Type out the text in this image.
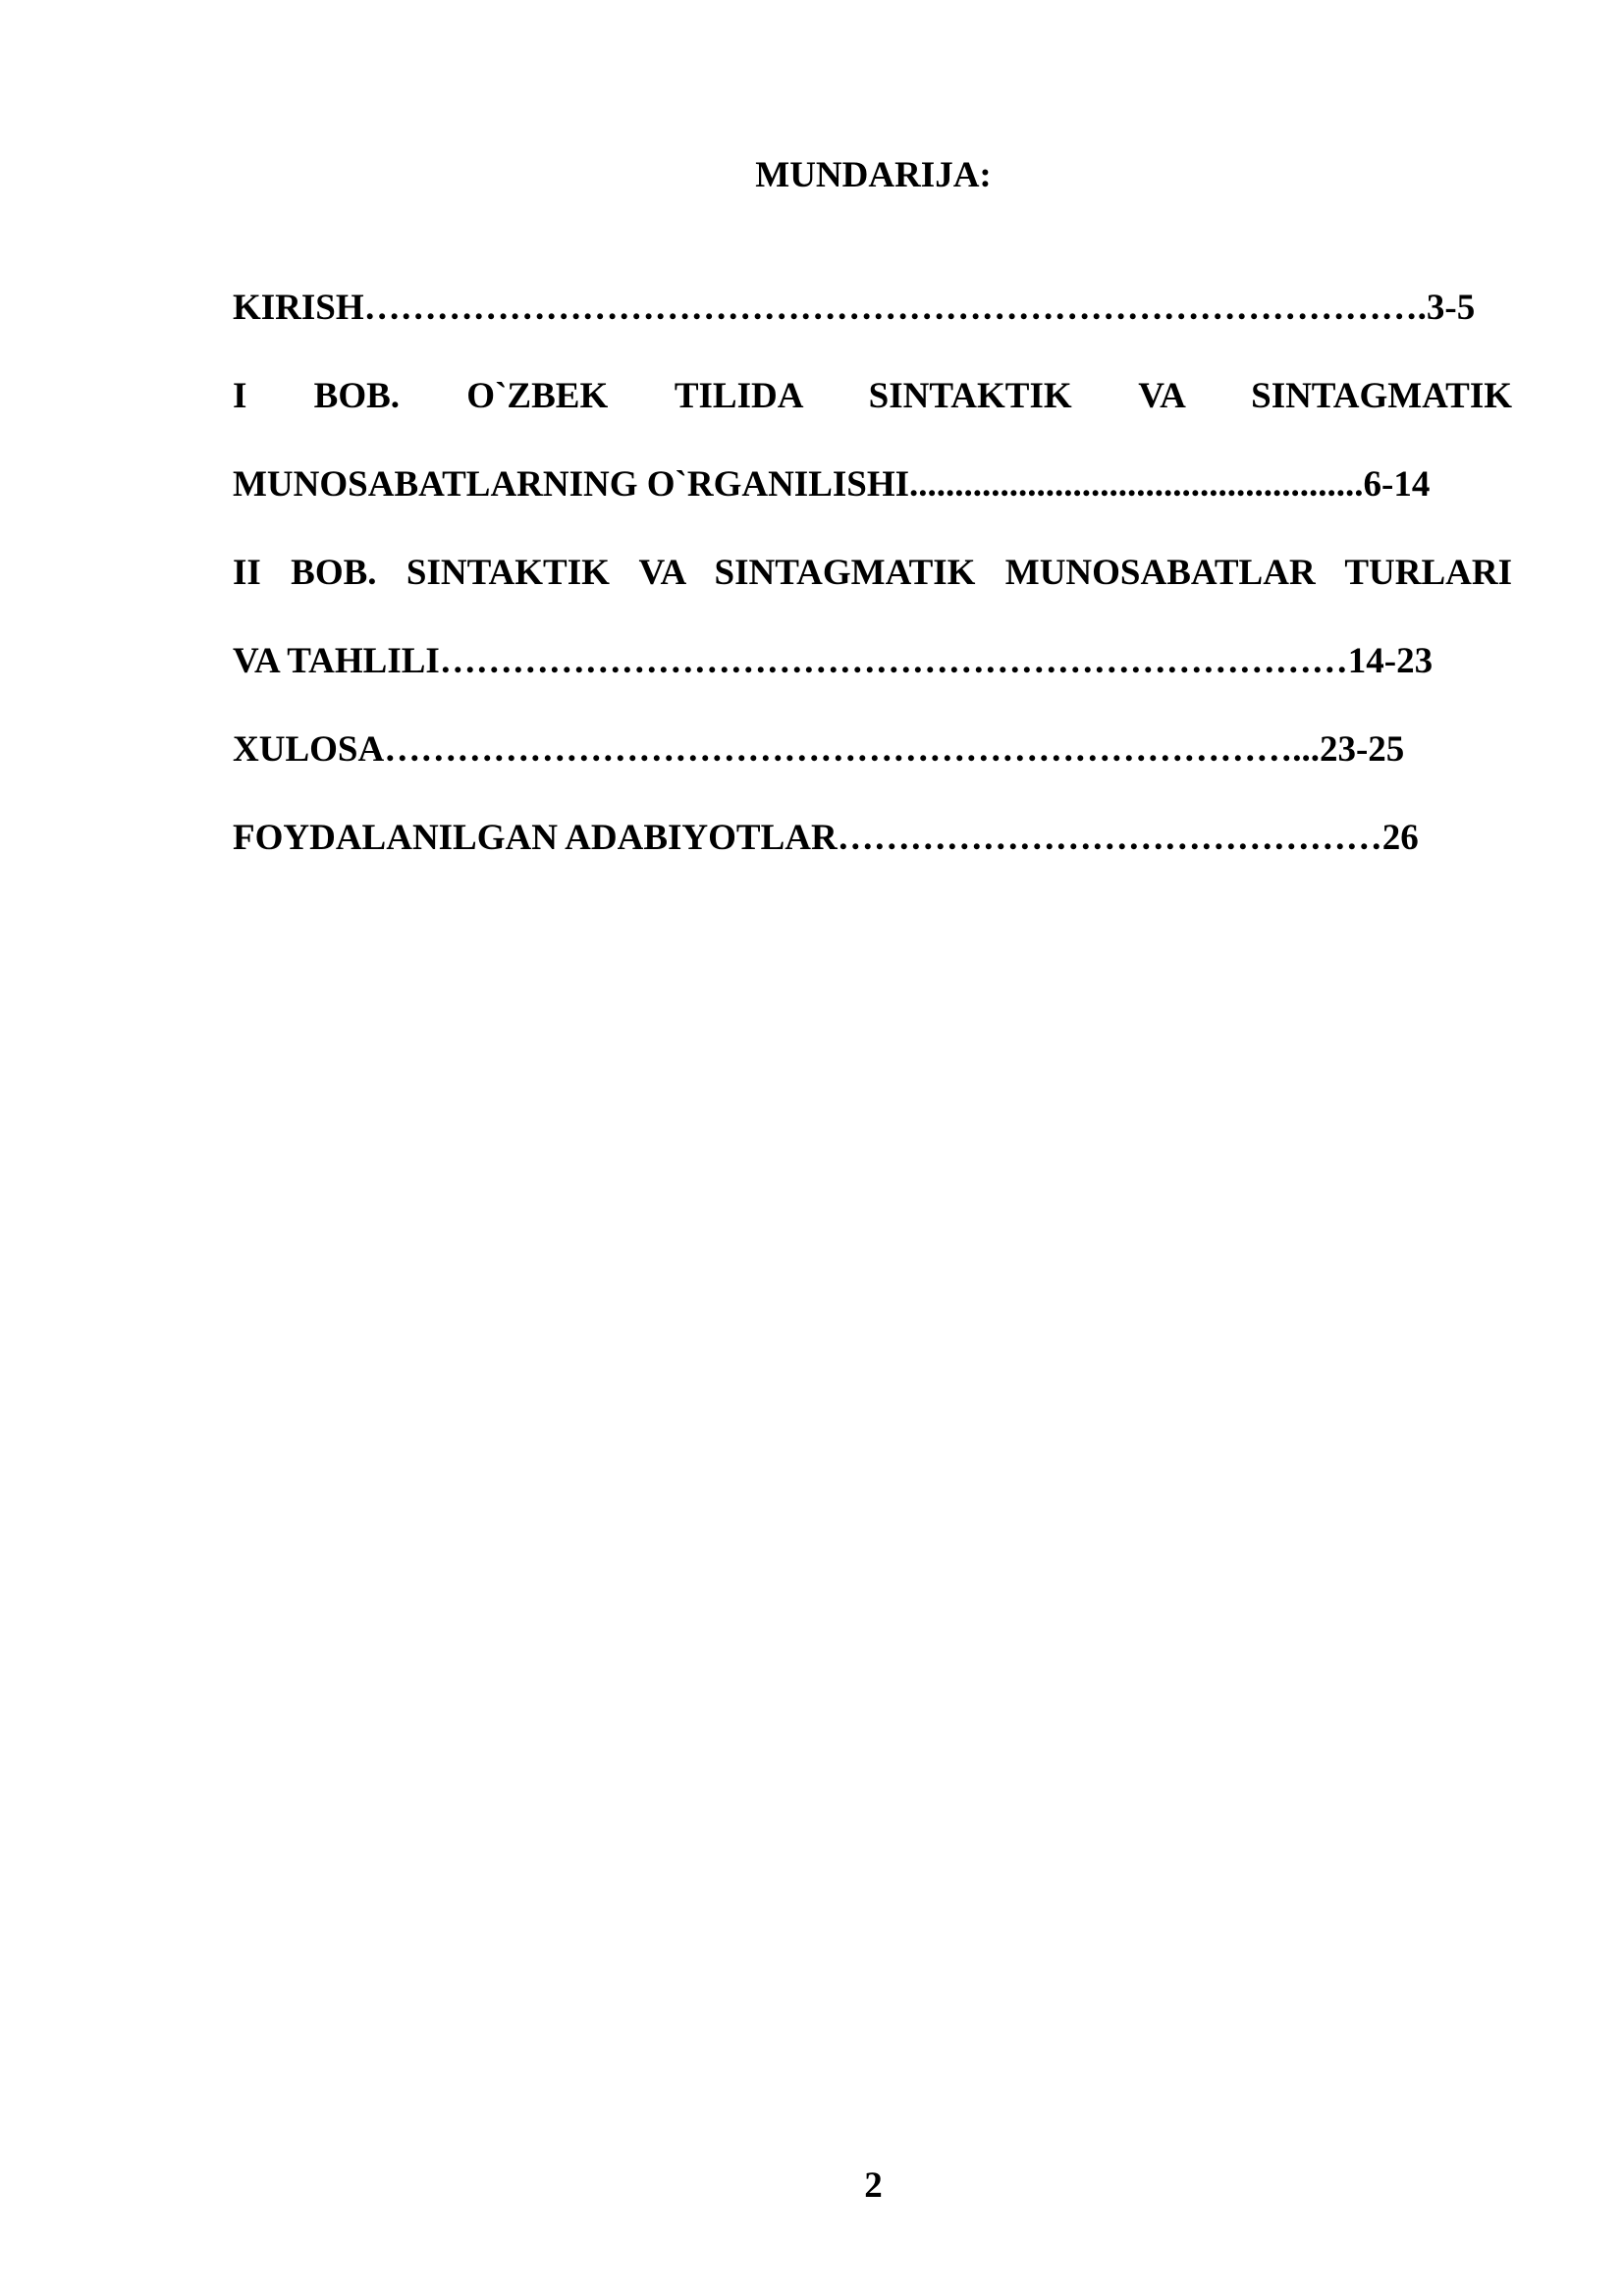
MUNDARIJA:
KIRISH…………………………………………………………………………….3-5
I BOB. O`ZBEK TILIDA SINTAKTIK VA SINTAGMATIK
MUNOSABATLARNING O`RGANILISHI..................................................6-14
II BOB. SINTAKTIK VA SINTAGMATIK MUNOSABATLAR TURLARI
VA TAHLILI…………………………………………………………………14-23
XULOSA…………………………………………………………………...23-25
FOYDALANILGAN ADABIYOTLAR………………………………………26
2
